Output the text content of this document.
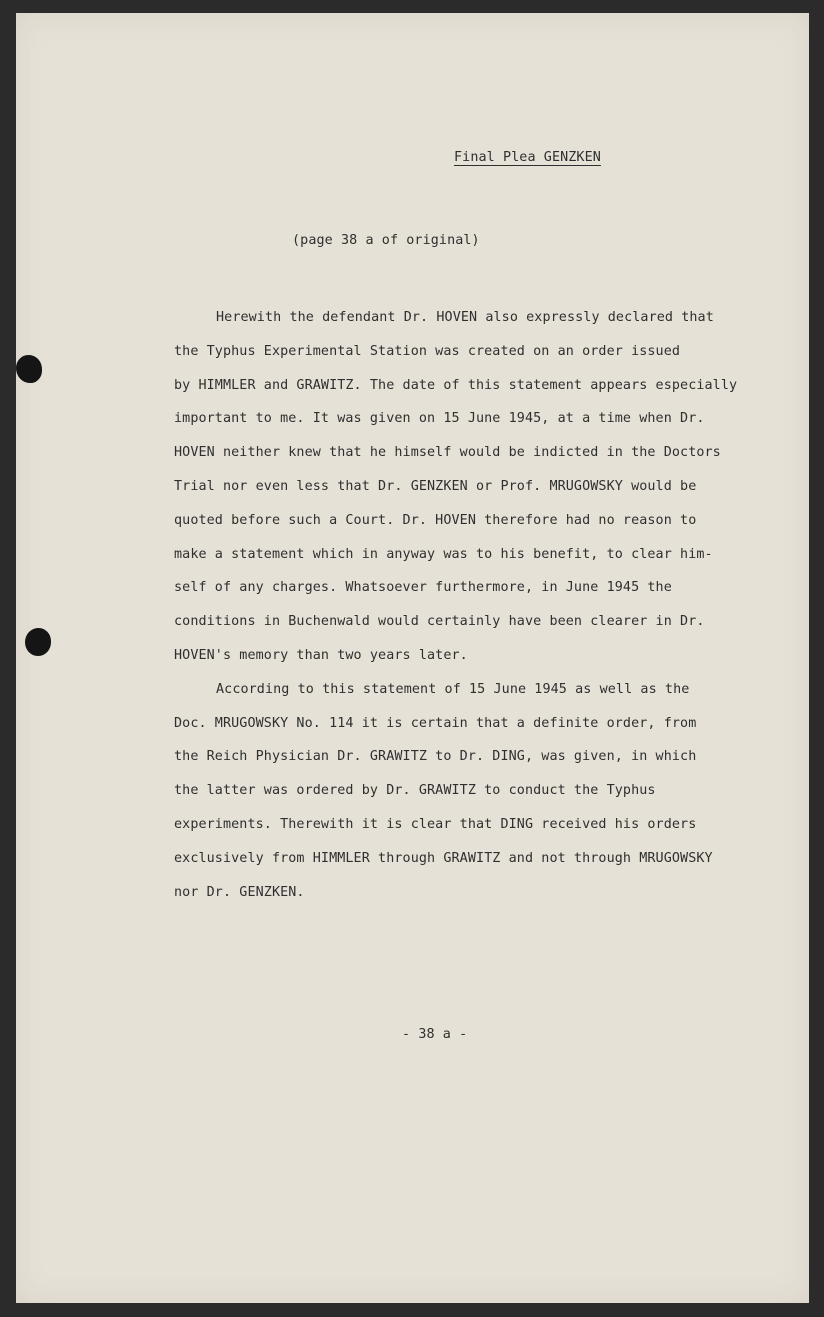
Final Plea GENZKEN
(page 38 a of original)
Herewith the defendant Dr. HOVEN also expressly declared that
the Typhus Experimental Station was created on an order issued
by HIMMLER and GRAWITZ. The date of this statement appears especially
important to me. It was given on 15 June 1945, at a time when Dr.
HOVEN neither knew that he himself would be indicted in the Doctors
Trial nor even less that Dr. GENZKEN or Prof. MRUGOWSKY would be
quoted before such a Court. Dr. HOVEN therefore had no reason to
make a statement which in anyway was to his benefit, to clear him-
self of any charges. Whatsoever furthermore, in June 1945 the
conditions in Buchenwald would certainly have been clearer in Dr.
HOVEN's memory than two years later.
According to this statement of 15 June 1945 as well as the
Doc. MRUGOWSKY No. 114 it is certain that a definite order, from
the Reich Physician Dr. GRAWITZ to Dr. DING, was given, in which
the latter was ordered by Dr. GRAWITZ to conduct the Typhus
experiments. Therewith it is clear that DING received his orders
exclusively from HIMMLER through GRAWITZ and not through MRUGOWSKY
nor Dr. GENZKEN.
- 38 a -
